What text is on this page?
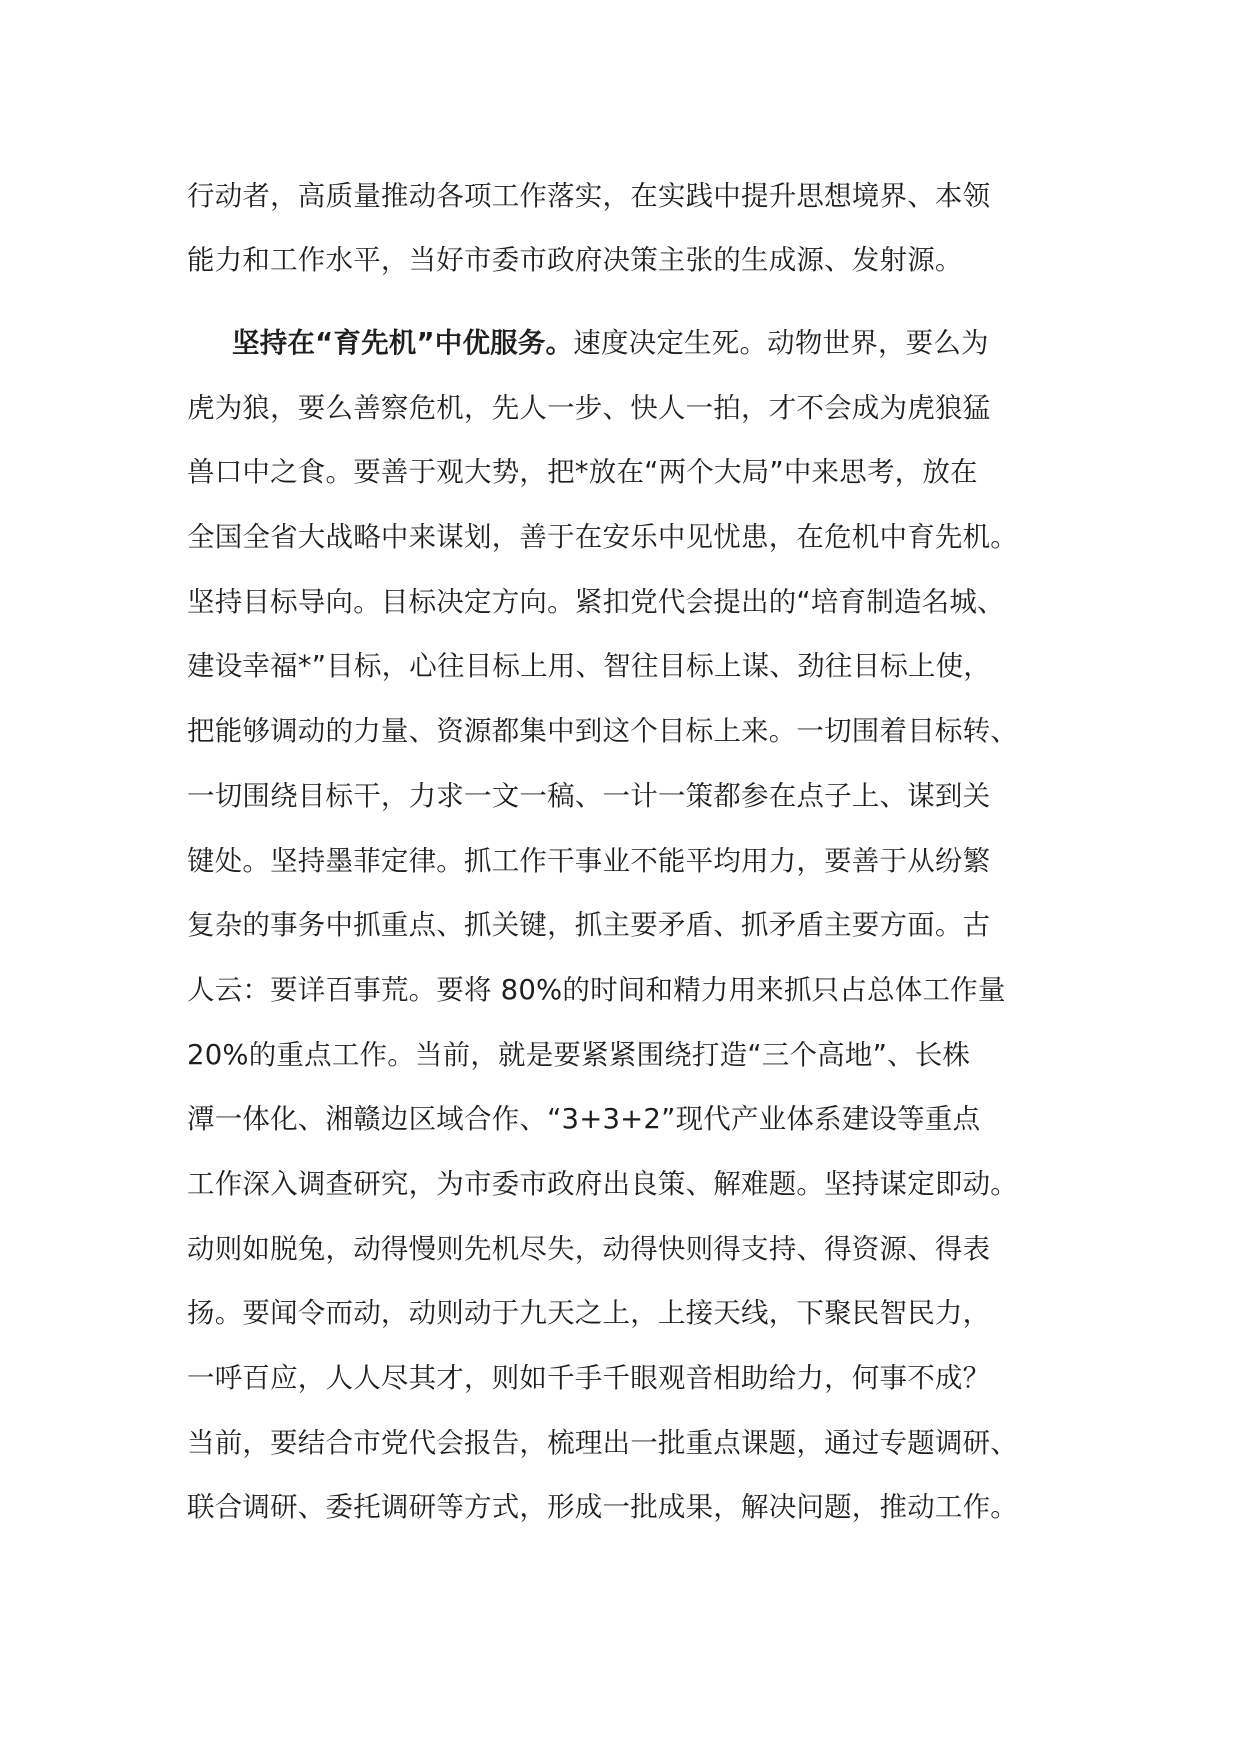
行动者，高质量推动各项工作落实，在实践中提升思想境界、本领
能力和工作水平，当好市委市政府决策主张的生成源、发射源。
坚持在“育先机”中优服务。速度决定生死。动物世界，要么为
虎为狼，要么善察危机，先人一步、快人一拍，才不会成为虎狼猛
兽口中之食。要善于观大势，把*放在“两个大局”中来思考，放在
全国全省大战略中来谋划，善于在安乐中见忧患，在危机中育先机。
坚持目标导向。目标决定方向。紧扣党代会提出的“培育制造名城、
建设幸福*”目标，心往目标上用、智往目标上谋、劲往目标上使，
把能够调动的力量、资源都集中到这个目标上来。一切围着目标转、
一切围绕目标干，力求一文一稿、一计一策都参在点子上、谋到关
键处。坚持墨菲定律。抓工作干事业不能平均用力，要善于从纷繁
复杂的事务中抓重点、抓关键，抓主要矛盾、抓矛盾主要方面。古
人云：要详百事荒。要将 80%的时间和精力用来抓只占总体工作量
20%的重点工作。当前，就是要紧紧围绕打造“三个高地”、长株
潭一体化、湘赣边区域合作、“3+3+2”现代产业体系建设等重点
工作深入调查研究，为市委市政府出良策、解难题。坚持谋定即动。
动则如脱兔，动得慢则先机尽失，动得快则得支持、得资源、得表
扬。要闻令而动，动则动于九天之上，上接天线，下聚民智民力，
一呼百应，人人尽其才，则如千手千眼观音相助给力，何事不成？
当前，要结合市党代会报告，梳理出一批重点课题，通过专题调研、
联合调研、委托调研等方式，形成一批成果，解决问题，推动工作。
